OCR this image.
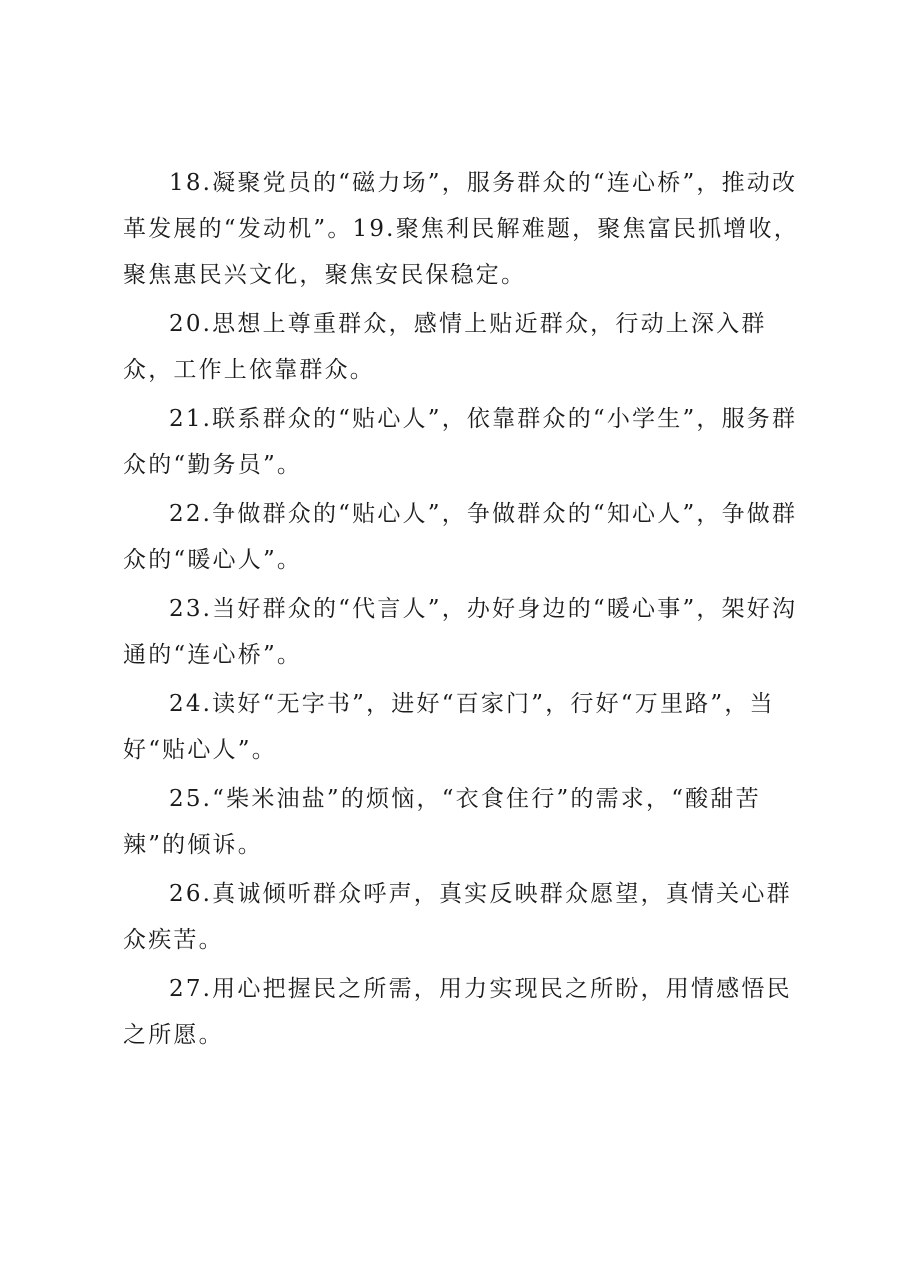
18.凝聚党员的“磁力场”，服务群众的“连心桥”，推动改革发展的“发动机”。19.聚焦利民解难题，聚焦富民抓增收，聚焦惠民兴文化，聚焦安民保稳定。

20.思想上尊重群众，感情上贴近群众，行动上深入群众，工作上依靠群众。

21.联系群众的“贴心人”，依靠群众的“小学生”，服务群众的“勤务员”。

22.争做群众的“贴心人”，争做群众的“知心人”，争做群众的“暖心人”。

23.当好群众的“代言人”，办好身边的“暖心事”，架好沟通的“连心桥”。

24.读好“无字书”，进好“百家门”，行好“万里路”，当好“贴心人”。

25.“柴米油盐”的烦恼，“衣食住行”的需求，“酸甜苦辣”的倾诉。

26.真诚倾听群众呼声，真实反映群众愿望，真情关心群众疾苦。

27.用心把握民之所需，用力实现民之所盼，用情感悟民之所愿。
